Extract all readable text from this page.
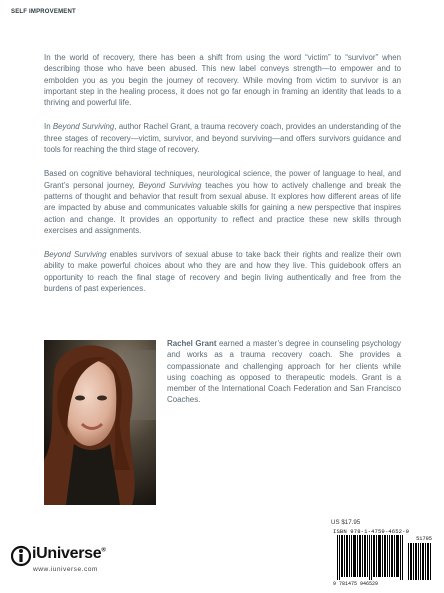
SELF IMPROVEMENT

In the world of recovery, there has been a shift from using the word “victim” to “survivor” when describing those who have been abused. This new label conveys strength—to empower and to embolden you as you begin the journey of recovery. While moving from victim to survivor is an important step in the healing process, it does not go far enough in framing an identity that leads to a thriving and powerful life.

In Beyond Surviving, author Rachel Grant, a trauma recovery coach, provides an understanding of the three stages of recovery—victim, survivor, and beyond surviving—and offers survivors guidance and tools for reaching the third stage of recovery.

Based on cognitive behavioral techniques, neurological science, the power of language to heal, and Grant’s personal journey, Beyond Surviving teaches you how to actively challenge and break the patterns of thought and behavior that result from sexual abuse. It explores how different areas of life are impacted by abuse and communicates valuable skills for gaining a new perspective that inspires action and change. It provides an opportunity to reflect and practice these new skills through exercises and assignments.

Beyond Surviving enables survivors of sexual abuse to take back their rights and realize their own ability to make powerful choices about who they are and how they live. This guidebook offers an opportunity to reach the final stage of recovery and begin living authentically and free from the burdens of past experiences.

Rachel Grant earned a master’s degree in counseling psychology and works as a trauma recovery coach. She provides a compassionate and challenging approach for her clients while using coaching as opposed to therapeutic models. Grant is a member of the International Coach Federation and San Francisco Coaches.
US $17.95
ISBN 978-1-4759-4652-9
51795
9 781475 946529
iUniverse®
www.iuniverse.com
